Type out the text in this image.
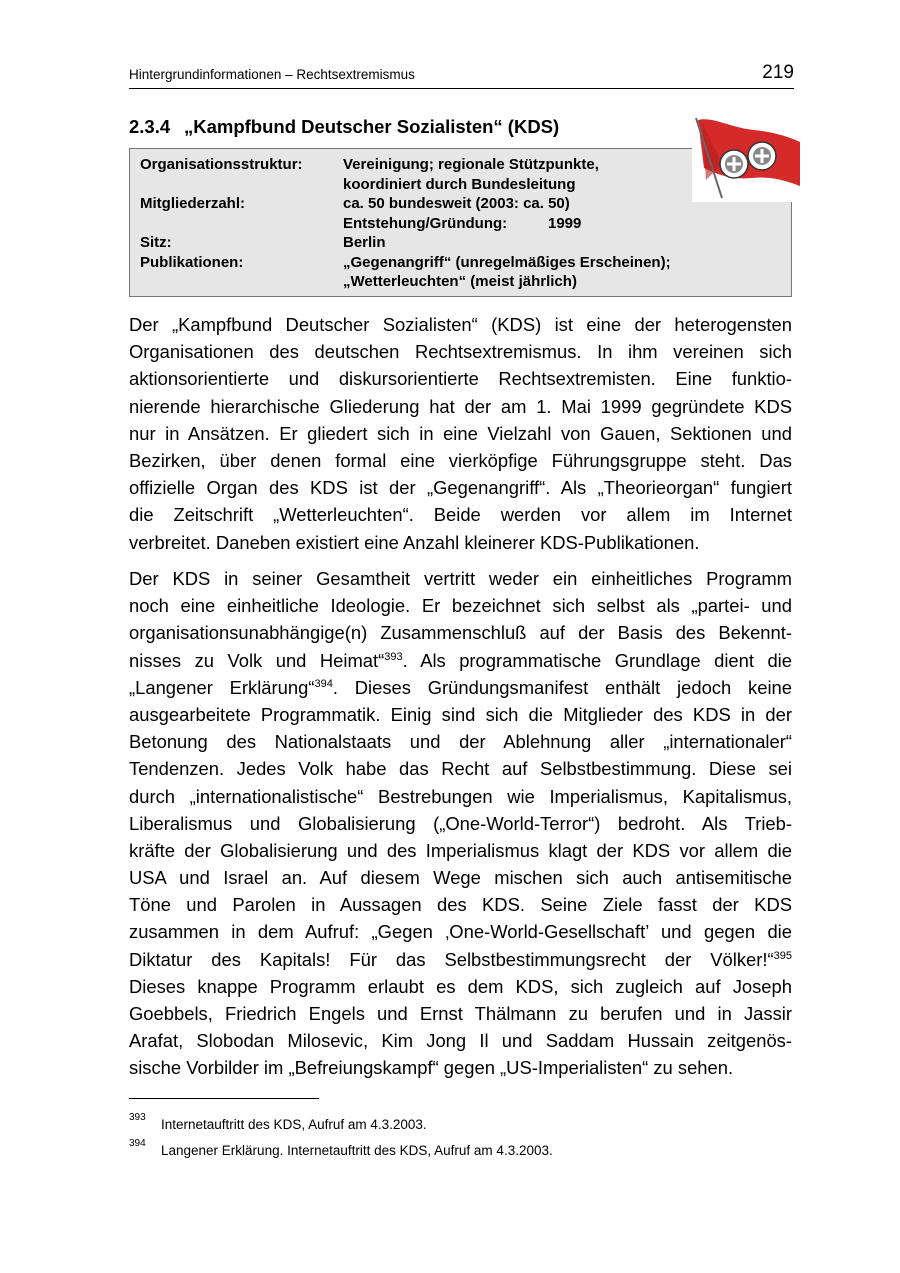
Hintergrundinformationen – Rechtsextremismus	219
2.3.4 „Kampfbund Deutscher Sozialisten“ (KDS)
Organisationsstruktur:	Vereinigung; regionale Stützpunkte,
koordiniert durch Bundesleitung
Mitgliederzahl:	ca. 50 bundesweit (2003: ca. 50)
Entstehung/Gründung:	1999
Sitz:	Berlin
Publikationen:	„Gegenangriff“ (unregelmäßiges Erscheinen);
„Wetterleuchten“ (meist jährlich)
Der „Kampfbund Deutscher Sozialisten“ (KDS) ist eine der heterogensten
Organisationen des deutschen Rechtsextremismus. In ihm vereinen sich
aktionsorientierte und diskursorientierte Rechtsextremisten. Eine funktio-
nierende hierarchische Gliederung hat der am 1. Mai 1999 gegründete KDS
nur in Ansätzen. Er gliedert sich in eine Vielzahl von Gauen, Sektionen und
Bezirken, über denen formal eine vierköpfige Führungsgruppe steht. Das
offizielle Organ des KDS ist der „Gegenangriff“. Als „Theorieorgan“ fungiert
die Zeitschrift „Wetterleuchten“. Beide werden vor allem im Internet
verbreitet. Daneben existiert eine Anzahl kleinerer KDS-Publikationen.
Der KDS in seiner Gesamtheit vertritt weder ein einheitliches Programm
noch eine einheitliche Ideologie. Er bezeichnet sich selbst als „partei- und
organisationsunabhängige(n) Zusammenschluß auf der Basis des Bekennt-
nisses zu Volk und Heimat“$^{393}$. Als programmatische Grundlage dient die
„Langener Erklärung“$^{394}$. Dieses Gründungsmanifest enthält jedoch keine
ausgearbeitete Programmatik. Einig sind sich die Mitglieder des KDS in der
Betonung des Nationalstaats und der Ablehnung aller „internationaler“
Tendenzen. Jedes Volk habe das Recht auf Selbstbestimmung. Diese sei
durch „internationalistische“ Bestrebungen wie Imperialismus, Kapitalismus,
Liberalismus und Globalisierung („One-World-Terror“) bedroht. Als Trieb-
kräfte der Globalisierung und des Imperialismus klagt der KDS vor allem die
USA und Israel an. Auf diesem Wege mischen sich auch antisemitische
Töne und Parolen in Aussagen des KDS. Seine Ziele fasst der KDS
zusammen in dem Aufruf: „Gegen ‚One-World-Gesellschaft’ und gegen die
Diktatur des Kapitals! Für das Selbstbestimmungsrecht der Völker!“$^{395}$
Dieses knappe Programm erlaubt es dem KDS, sich zugleich auf Joseph
Goebbels, Friedrich Engels und Ernst Thälmann zu berufen und in Jassir
Arafat, Slobodan Milosevic, Kim Jong Il und Saddam Hussain zeitgenös-
sische Vorbilder im „Befreiungskampf“ gegen „US-Imperialisten“ zu sehen.
393 Internetauftritt des KDS, Aufruf am 4.3.2003.
394 Langener Erklärung. Internetauftritt des KDS, Aufruf am 4.3.2003.
